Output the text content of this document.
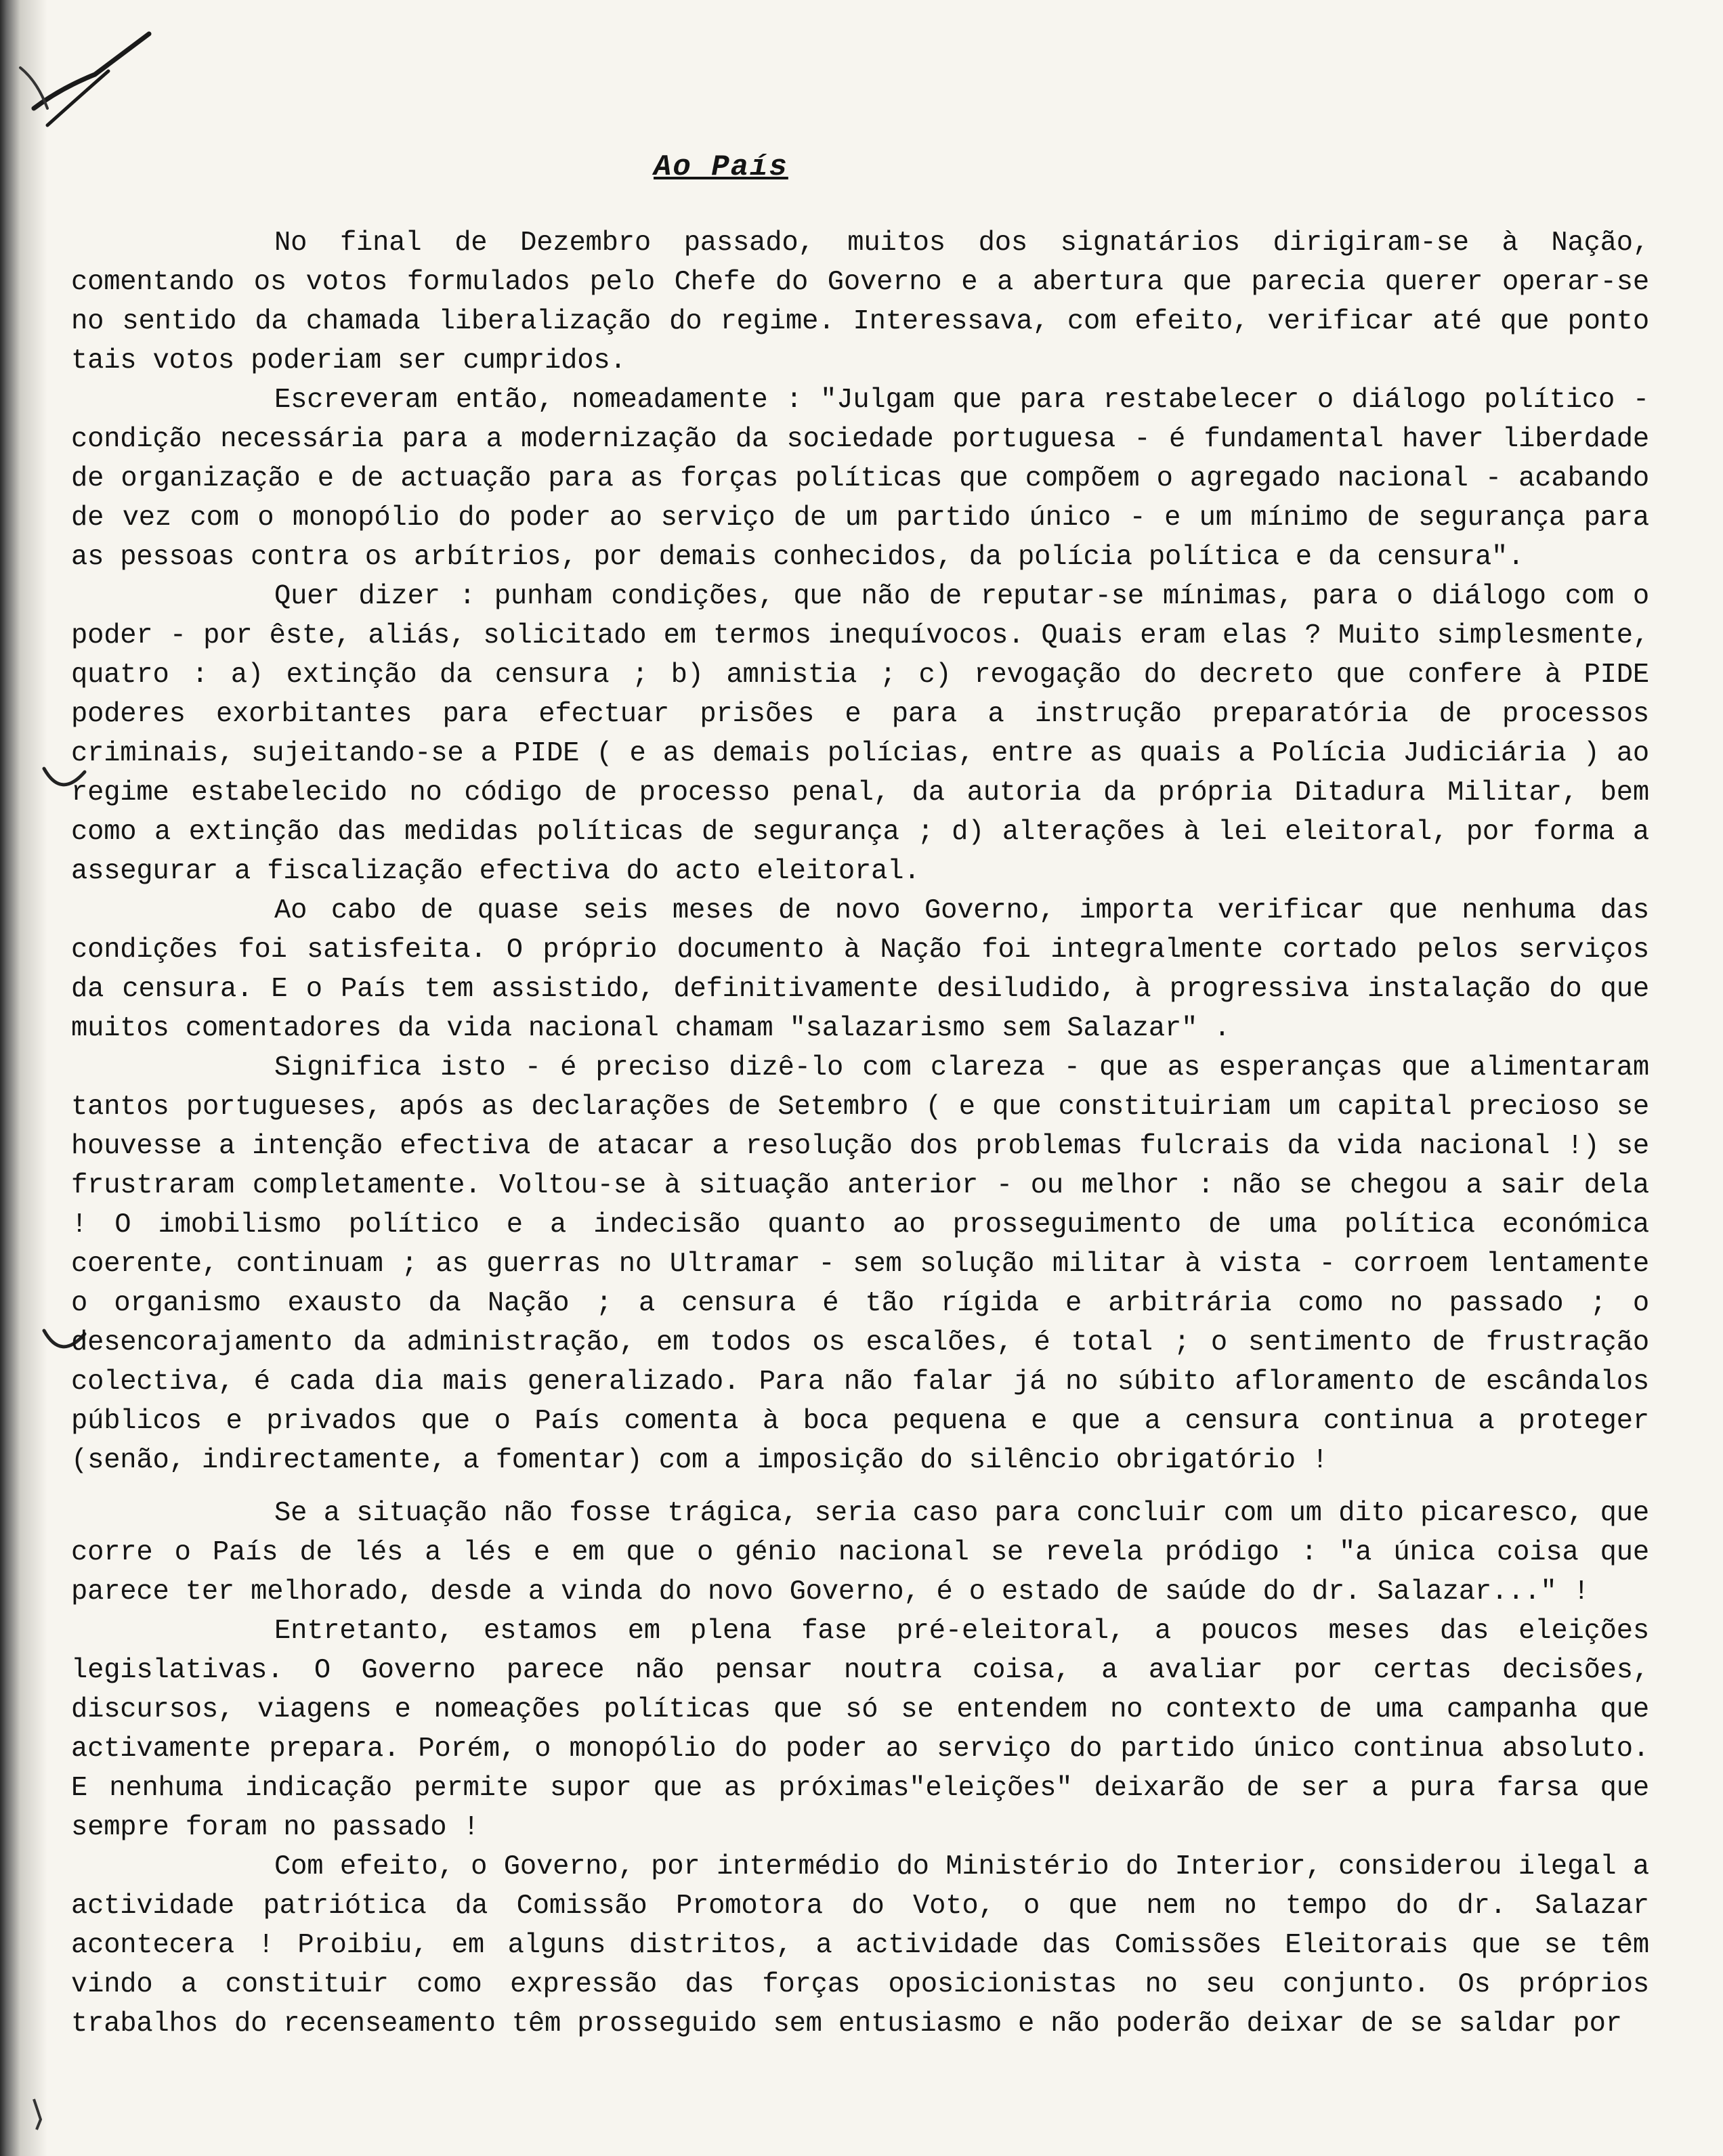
Ao País

No final de Dezembro passado, muitos dos signatários dirigiram-se à Nação, comentando os votos formulados pelo Chefe do Governo e a abertura que parecia querer operar-se no sentido da chamada liberalização do regime. Interessava, com efeito, verificar até que ponto tais votos poderiam ser cumpridos.

Escreveram então, nomeadamente : "Julgam que para restabelecer o diálogo político - condição necessária para a modernização da sociedade portuguesa - é fundamental haver liberdade de organização e de actuação para as forças políticas que compõem o agregado nacional - acabando de vez com o monopólio do poder ao serviço de um partido único - e um mínimo de segurança para as pessoas contra os arbítrios, por demais conhecidos, da polícia política e da censura".

Quer dizer : punham condições, que não de reputar-se mínimas, para o diálogo com o poder - por êste, aliás, solicitado em termos inequívocos. Quais eram elas ? Muito simplesmente, quatro : a) extinção da censura ; b) amnistia ; c) revogação do decreto que confere à PIDE poderes exorbitantes para efectuar prisões e para a instrução preparatória de processos criminais, sujeitando-se a PIDE ( e as demais polícias, entre as quais a Polícia Judiciária ) ao regime estabelecido no código de processo penal, da autoria da própria Ditadura Militar, bem como a extinção das medidas políticas de segurança ; d) alterações à lei eleitoral, por forma a assegurar a fiscalização efectiva do acto eleitoral.

Ao cabo de quase seis meses de novo Governo, importa verificar que nenhuma das condições foi satisfeita. O próprio documento à Nação foi integralmente cortado pelos serviços da censura. E o País tem assistido, definitivamente desiludido, à progressiva instalação do que muitos comentadores da vida nacional chamam "salazarismo sem Salazar" .

Significa isto - é preciso dizê-lo com clareza - que as esperanças que alimentaram tantos portugueses, após as declarações de Setembro ( e que constituiriam um capital precioso se houvesse a intenção efectiva de atacar a resolução dos problemas fulcrais da vida nacional !) se frustraram completamente. Voltou-se à situação anterior - ou melhor : não se chegou a sair dela ! O imobilismo político e a indecisão quanto ao prosseguimento de uma política económica coerente, continuam ; as guerras no Ultramar - sem solução militar à vista - corroem lentamente o organismo exausto da Nação ; a censura é tão rígida e arbitrária como no passado ; o desencorajamento da administração, em todos os escalões, é total ; o sentimento de frustração colectiva, é cada dia mais generalizado. Para não falar já no súbito afloramento de escândalos públicos e privados que o País comenta à boca pequena e que a censura continua a proteger (senão, indirectamente, a fomentar) com a imposição do silêncio obrigatório !

Se a situação não fosse trágica, seria caso para concluir com um dito picaresco, que corre o País de lés a lés e em que o génio nacional se revela pródigo : "a única coisa que parece ter melhorado, desde a vinda do novo Governo, é o estado de saúde do dr. Salazar..." !

Entretanto, estamos em plena fase pré-eleitoral, a poucos meses das eleições legislativas. O Governo parece não pensar noutra coisa, a avaliar por certas decisões, discursos, viagens e nomeações políticas que só se entendem no contexto de uma campanha que activamente prepara. Porém, o monopólio do poder ao serviço do partido único continua absoluto. E nenhuma indicação permite supor que as próximas"eleições" deixarão de ser a pura farsa que sempre foram no passado !

Com efeito, o Governo, por intermédio do Ministério do Interior, considerou ilegal a actividade patriótica da Comissão Promotora do Voto, o que nem no tempo do dr. Salazar acontecera ! Proibiu, em alguns distritos, a actividade das Comissões Eleitorais que se têm vindo a constituir como expressão das forças oposicionistas no seu conjunto. Os próprios trabalhos do recenseamento têm prosseguido sem entusiasmo e não poderão deixar de se saldar por
